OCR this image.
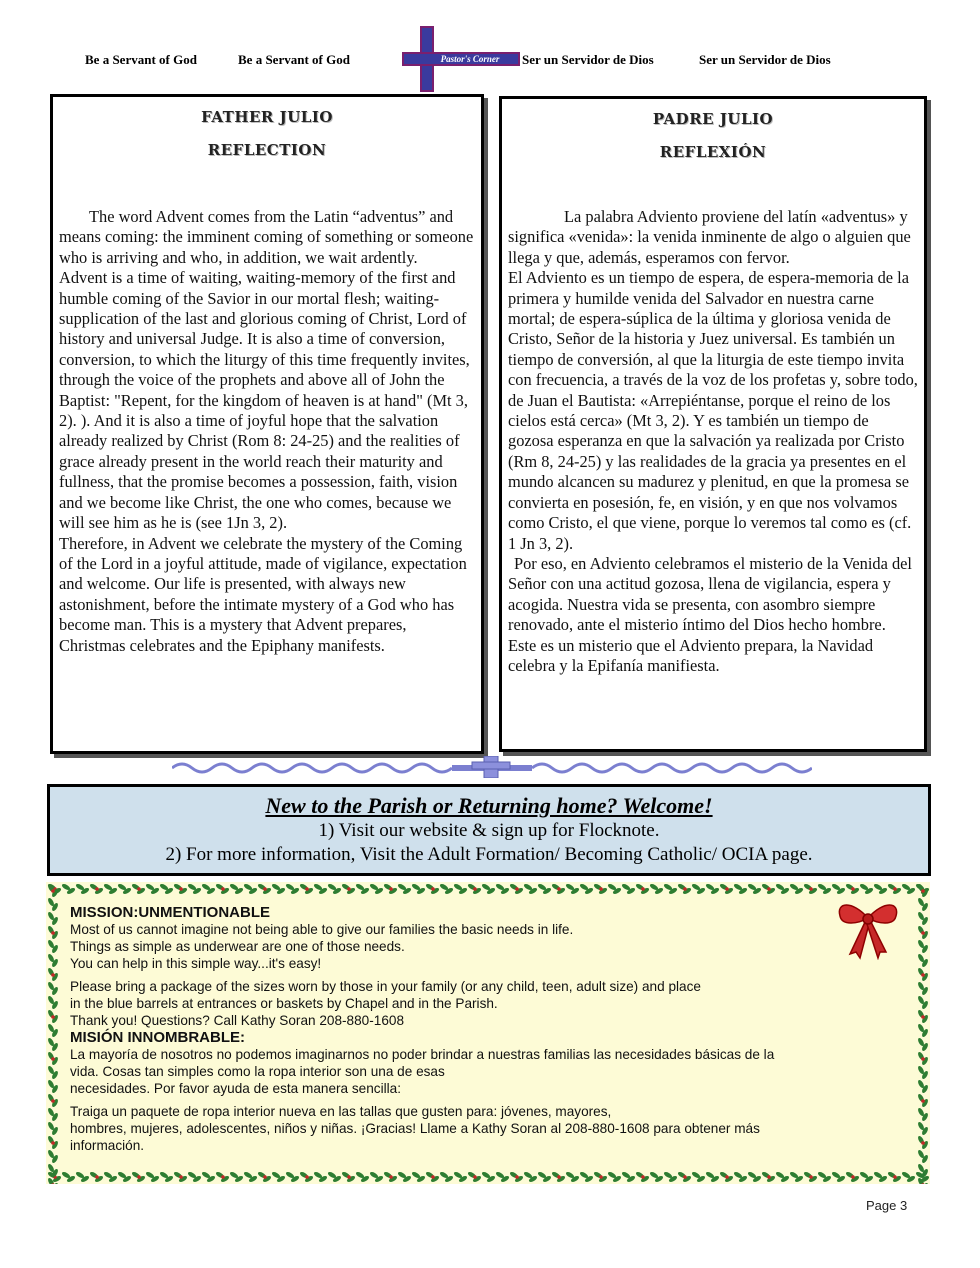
Be a Servant of God	Be a Servant of God	Pastor's Corner	Ser un Servidor de Dios	Ser un Servidor de Dios
FATHER JULIO
REFLECTION

The word Advent comes from the Latin “adventus” and means coming: the imminent coming of something or someone who is arriving and who, in addition, we wait ardently.

Advent is a time of waiting, waiting-memory of the first and humble coming of the Savior in our mortal flesh; waiting-supplication of the last and glorious coming of Christ, Lord of history and universal Judge. It is also a time of conversion, conversion, to which the liturgy of this time frequently invites, through the voice of the prophets and above all of John the Baptist: "Repent, for the kingdom of heaven is at hand" (Mt 3, 2). ). And it is also a time of joyful hope that the salvation already realized by Christ (Rom 8: 24-25) and the realities of grace already present in the world reach their maturity and fullness, that the promise becomes a possession, faith, vision and we become like Christ, the one who comes, because we will see him as he is (see 1Jn 3, 2).

Therefore, in Advent we celebrate the mystery of the Coming of the Lord in a joyful attitude, made of vigilance, expectation and welcome. Our life is presented, with always new astonishment, before the intimate mystery of a God who has become man. This is a mystery that Advent prepares, Christmas celebrates and the Epiphany manifests.

PADRE JULIO
REFLEXIÓN

La palabra Adviento proviene del latín «adventus» y significa «venida»: la venida inminente de algo o alguien que llega y que, además, esperamos con fervor.

El Adviento es un tiempo de espera, de espera-memoria de la primera y humilde venida del Salvador en nuestra carne mortal; de espera-súplica de la última y gloriosa venida de Cristo, Señor de la historia y Juez universal. Es también un tiempo de conversión, al que la liturgia de este tiempo invita con frecuencia, a través de la voz de los profetas y, sobre todo, de Juan el Bautista: «Arrepiéntanse, porque el reino de los cielos está cerca» (Mt 3, 2). Y es también un tiempo de gozosa esperanza en que la salvación ya realizada por Cristo (Rm 8, 24-25) y las realidades de la gracia ya presentes en el mundo alcancen su madurez y plenitud, en que la promesa se convierta en posesión, fe, en visión, y en que nos volvamos como Cristo, el que viene, porque lo veremos tal como es (cf. 1 Jn 3, 2).

Por eso, en Adviento celebramos el misterio de la Venida del Señor con una actitud gozosa, llena de vigilancia, espera y acogida. Nuestra vida se presenta, con asombro siempre renovado, ante el misterio íntimo del Dios hecho hombre. Este es un misterio que el Adviento prepara, la Navidad celebra y la Epifanía manifiesta.

New to the Parish or Returning home? Welcome!
1) Visit our website & sign up for Flocknote.
2) For more information, Visit the Adult Formation/ Becoming Catholic/ OCIA page.

MISSION:UNMENTIONABLE

Most of us cannot imagine not being able to give our families the basic needs in life.

Things as simple as underwear are one of those needs.

You can help in this simple way...it's easy!

Please bring a package of the sizes worn by those in your family (or any child, teen, adult size) and place

in the blue barrels at entrances or baskets by Chapel and in the Parish.

Thank you! Questions? Call Kathy Soran 208-880-1608

MISIÓN INNOMBRABLE:

La mayoría de nosotros no podemos imaginarnos no poder brindar a nuestras familias las necesidades básicas de la

vida. Cosas tan simples como la ropa interior son una de esas

necesidades. Por favor ayuda de esta manera sencilla:

Traiga un paquete de ropa interior nueva en las tallas que gusten para: jóvenes, mayores,

hombres, mujeres, adolescentes, niños y niñas. ¡Gracias! Llame a Kathy Soran al 208-880-1608 para obtener más

información.

Page 3
